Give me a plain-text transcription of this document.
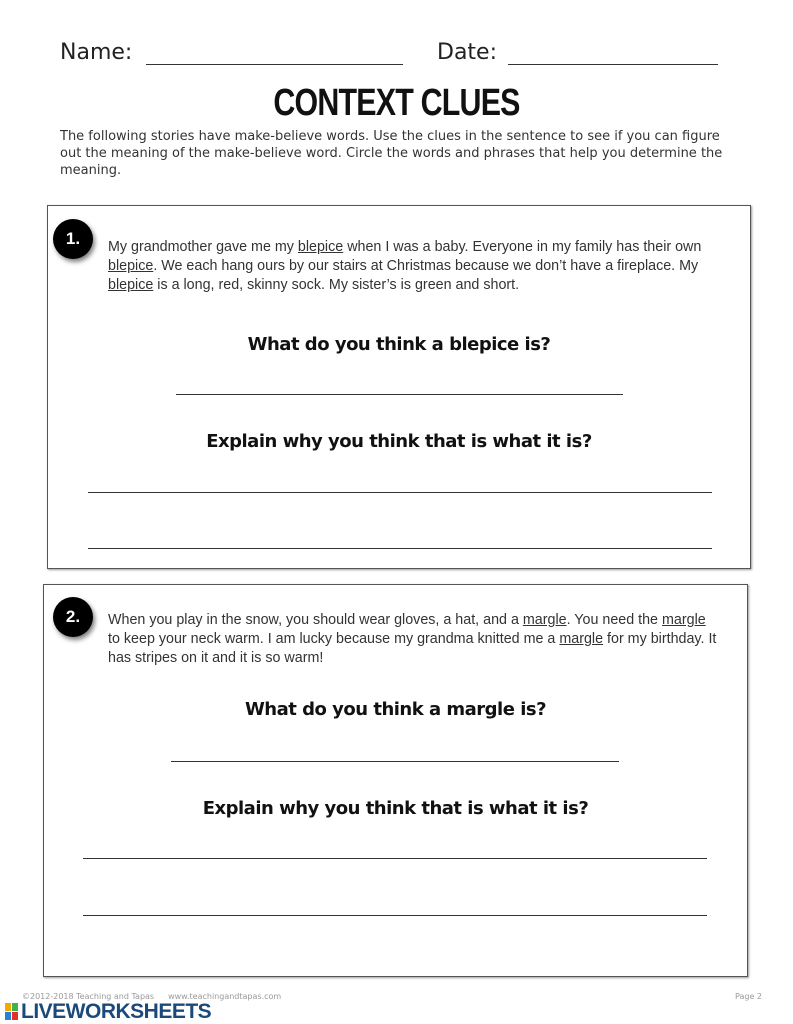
Name:	Date:
CONTEXT CLUES
The following stories have make-believe words. Use the clues in the sentence to see if you can figure out the meaning of the make-believe word. Circle the words and phrases that help you determine the meaning.
1.	My grandmother gave me my blepice when I was a baby. Everyone in my family has their own blepice. We each hang ours by our stairs at Christmas because we don’t have a fireplace. My blepice is a long, red, skinny sock. My sister’s is green and short.
What do you think a blepice is?
Explain why you think that is what it is?
2.	When you play in the snow, you should wear gloves, a hat, and a margle. You need the margle to keep your neck warm. I am lucky because my grandma knitted me a margle for my birthday. It has stripes on it and it is so warm!
What do you think a margle is?
Explain why you think that is what it is?
©2012-2018 Teaching and Tapas www.teachingandtapas.com	Page 2
LIVEWORKSHEETS
